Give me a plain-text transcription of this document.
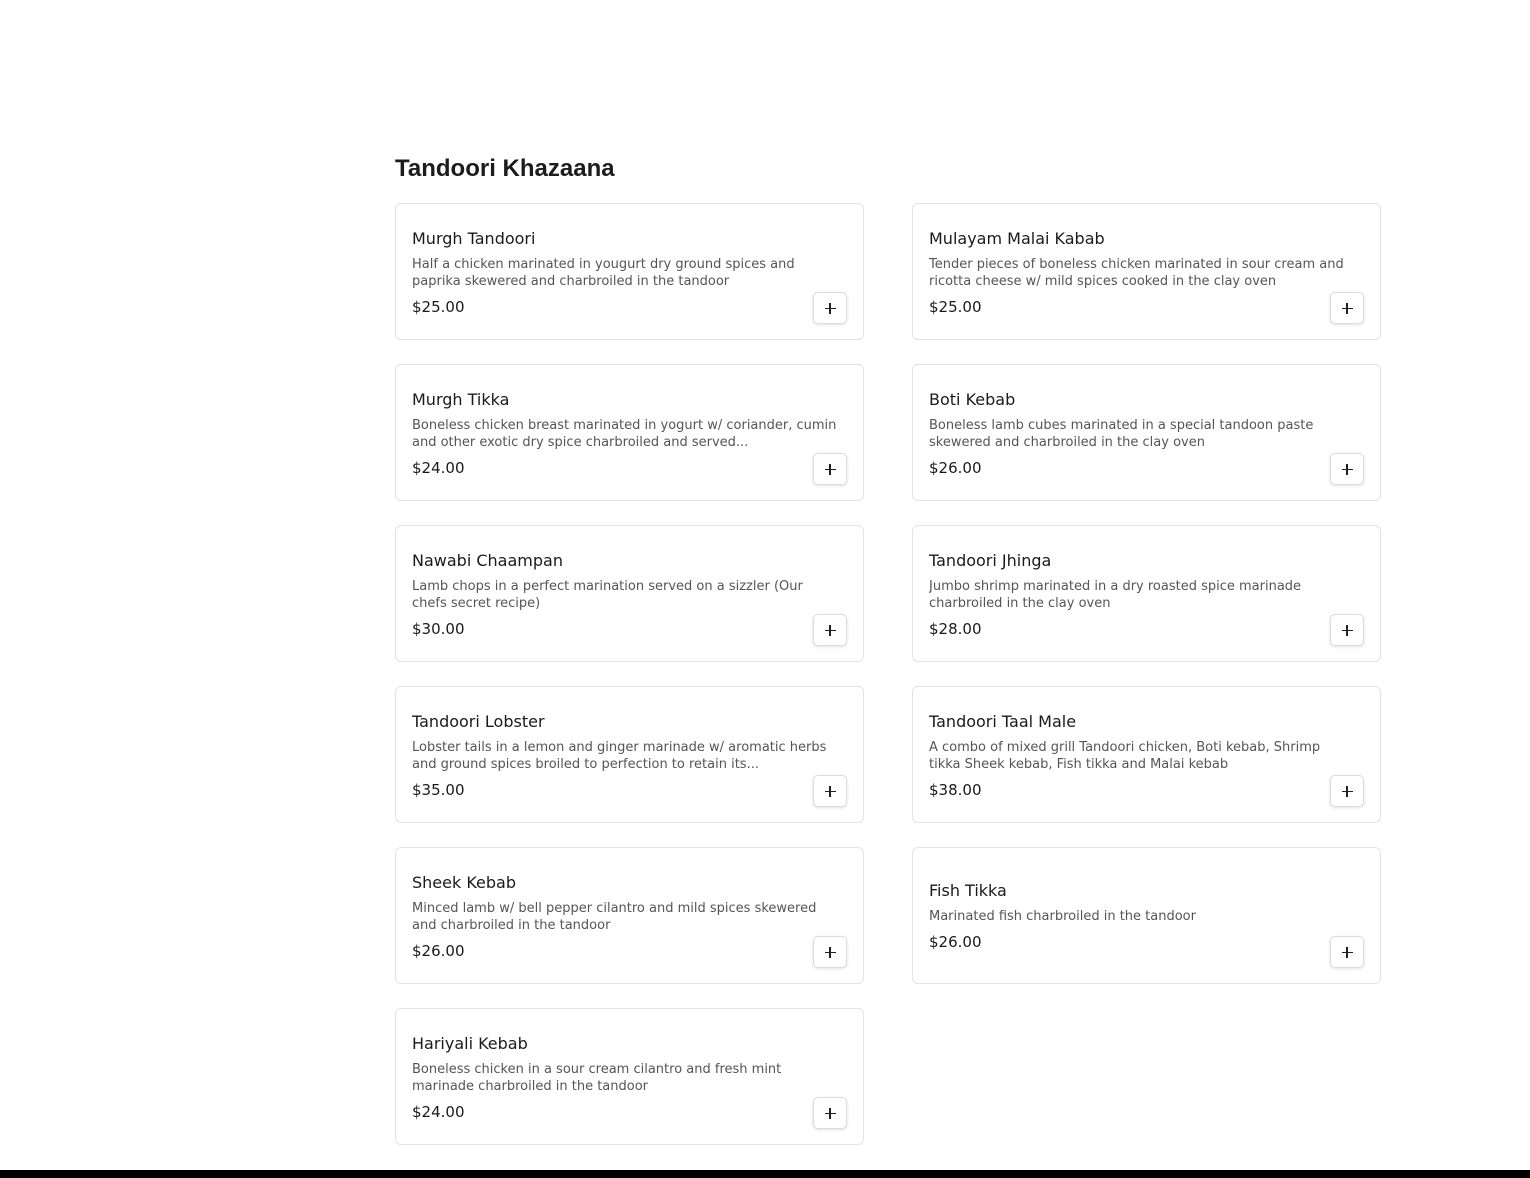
Tandoori Khazaana
Murgh Tandoori
Half a chicken marinated in yougurt dry ground spices and paprika skewered and charbroiled in the tandoor
$25.00
Mulayam Malai Kabab
Tender pieces of boneless chicken marinated in sour cream and ricotta cheese w/ mild spices cooked in the clay oven
$25.00
Murgh Tikka
Boneless chicken breast marinated in yogurt w/ coriander, cumin and other exotic dry spice charbroiled and served...
$24.00
Boti Kebab
Boneless lamb cubes marinated in a special tandoon paste skewered and charbroiled in the clay oven
$26.00
Nawabi Chaampan
Lamb chops in a perfect marination served on a sizzler (Our chefs secret recipe)
$30.00
Tandoori Jhinga
Jumbo shrimp marinated in a dry roasted spice marinade charbroiled in the clay oven
$28.00
Tandoori Lobster
Lobster tails in a lemon and ginger marinade w/ aromatic herbs and ground spices broiled to perfection to retain its...
$35.00
Tandoori Taal Male
A combo of mixed grill Tandoori chicken, Boti kebab, Shrimp tikka Sheek kebab, Fish tikka and Malai kebab
$38.00
Sheek Kebab
Minced lamb w/ bell pepper cilantro and mild spices skewered and charbroiled in the tandoor
$26.00
Fish Tikka
Marinated fish charbroiled in the tandoor
$26.00
Hariyali Kebab
Boneless chicken in a sour cream cilantro and fresh mint marinade charbroiled in the tandoor
$24.00
